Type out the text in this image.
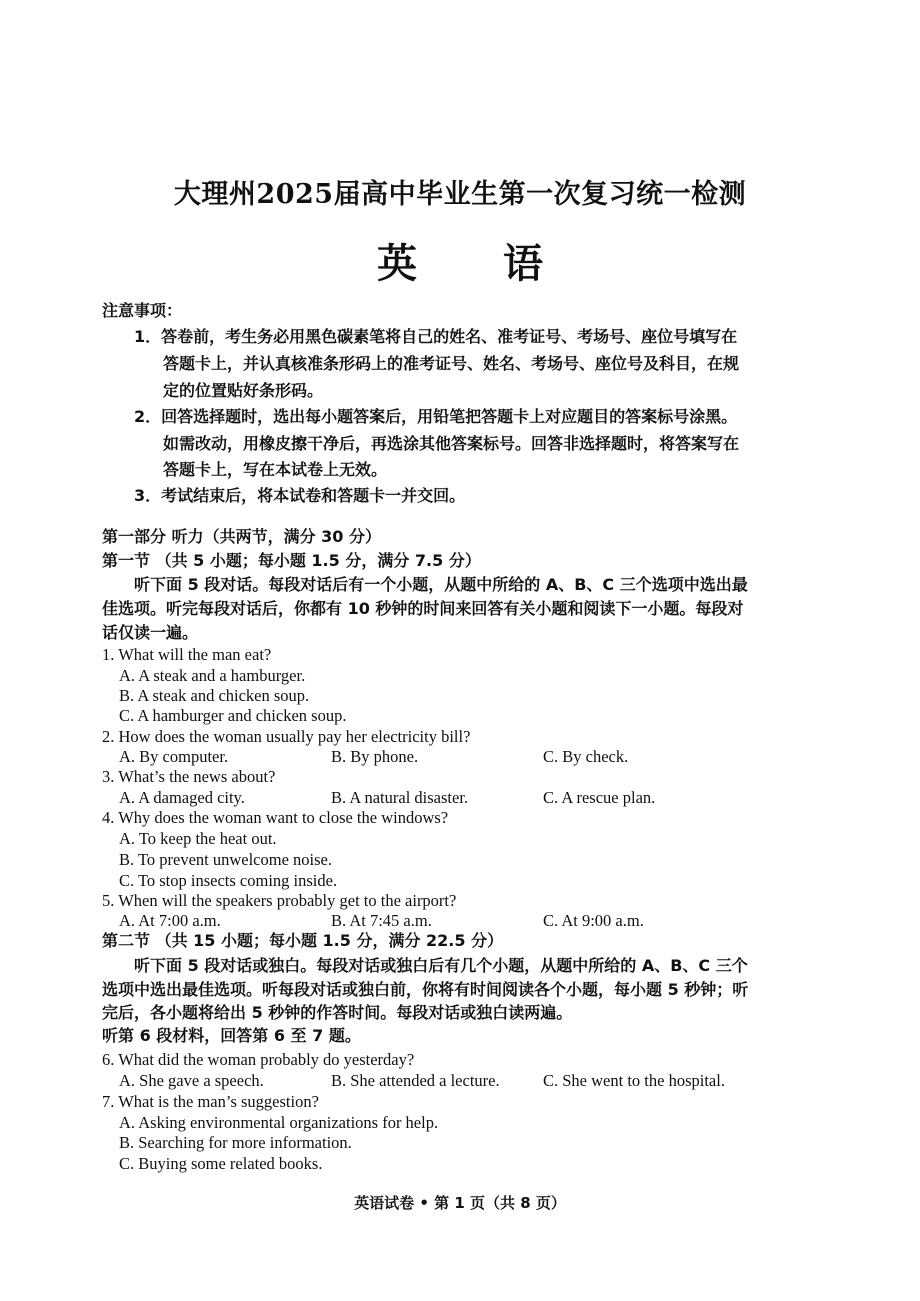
大理州2025届高中毕业生第一次复习统一检测
英 语
注意事项：
1．答卷前，考生务必用黑色碳素笔将自己的姓名、准考证号、考场号、座位号填写在
答题卡上，并认真核准条形码上的准考证号、姓名、考场号、座位号及科目，在规
定的位置贴好条形码。
2．回答选择题时，选出每小题答案后，用铅笔把答题卡上对应题目的答案标号涂黑。
如需改动，用橡皮擦干净后，再选涂其他答案标号。回答非选择题时，将答案写在
答题卡上，写在本试卷上无效。
3．考试结束后，将本试卷和答题卡一并交回。
第一部分 听力（共两节，满分 30 分）
第一节 （共 5 小题；每小题 1.5 分，满分 7.5 分）
听下面 5 段对话。每段对话后有一个小题，从题中所给的 A、B、C 三个选项中选出最
佳选项。听完每段对话后，你都有 10 秒钟的时间来回答有关小题和阅读下一小题。每段对
话仅读一遍。
1. What will the man eat?
A. A steak and a hamburger.
B. A steak and chicken soup.
C. A hamburger and chicken soup.
2. How does the woman usually pay her electricity bill?
A. By computer.	B. By phone.	C. By check.
3. What’s the news about?
A. A damaged city.	B. A natural disaster.	C. A rescue plan.
4. Why does the woman want to close the windows?
A. To keep the heat out.
B. To prevent unwelcome noise.
C. To stop insects coming inside.
5. When will the speakers probably get to the airport?
A. At 7:00 a.m.	B. At 7:45 a.m.	C. At 9:00 a.m.
第二节 （共 15 小题；每小题 1.5 分，满分 22.5 分）
听下面 5 段对话或独白。每段对话或独白后有几个小题，从题中所给的 A、B、C 三个
选项中选出最佳选项。听每段对话或独白前，你将有时间阅读各个小题，每小题 5 秒钟；听
完后，各小题将给出 5 秒钟的作答时间。每段对话或独白读两遍。
听第 6 段材料，回答第 6 至 7 题。
6. What did the woman probably do yesterday?
A. She gave a speech.	B. She attended a lecture.	C. She went to the hospital.
7. What is the man’s suggestion?
A. Asking environmental organizations for help.
B. Searching for more information.
C. Buying some related books.
英语试卷 • 第 1 页（共 8 页）
